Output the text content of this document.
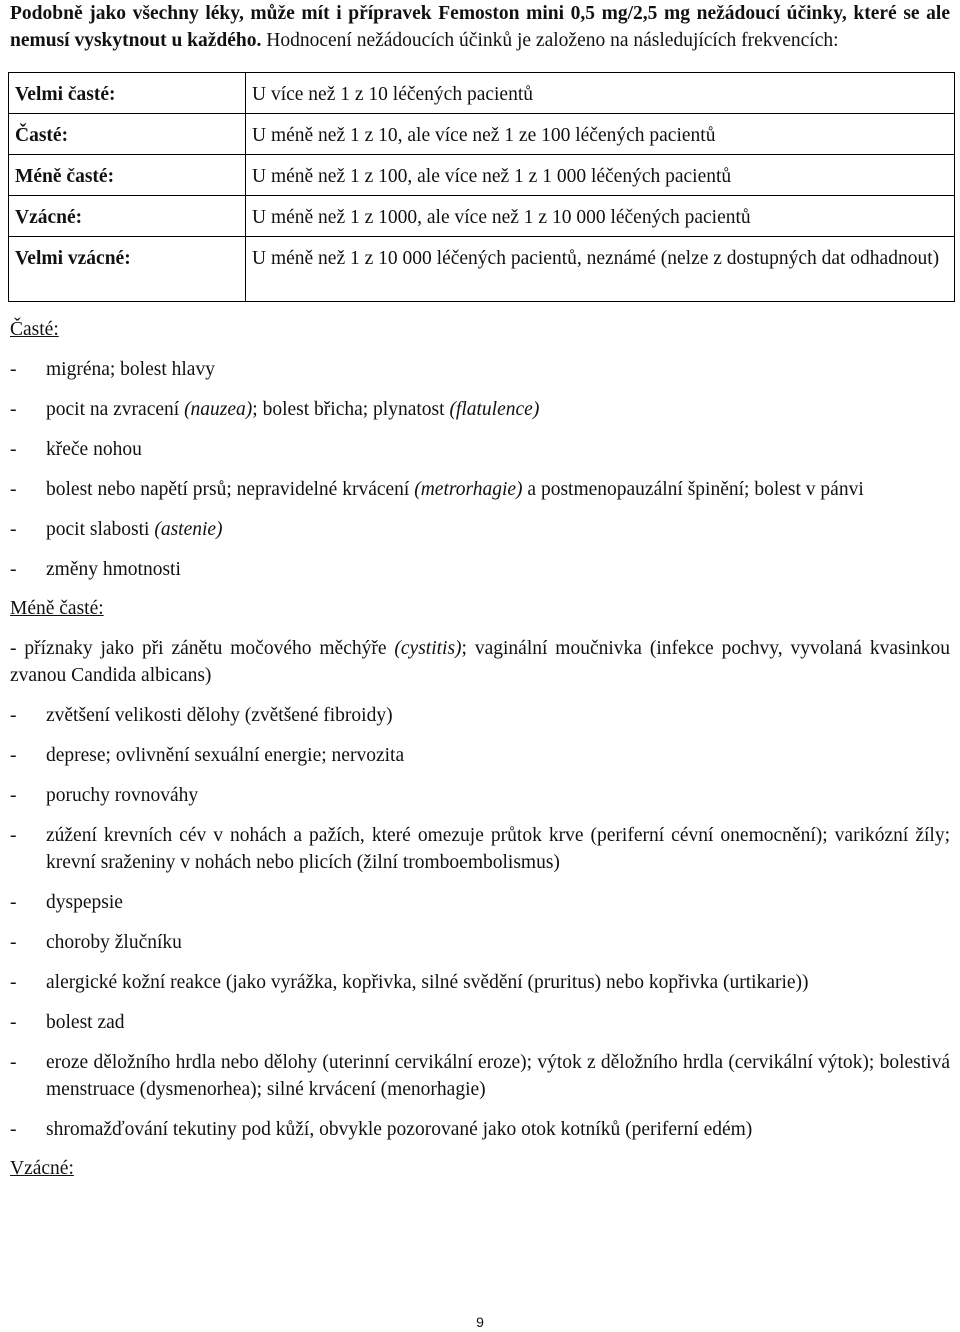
Podobně jako všechny léky, může mít i přípravek Femoston mini 0,5 mg/2,5 mg nežádoucí účinky, které se ale nemusí vyskytnout u každého. Hodnocení nežádoucích účinků je založeno na následujících frekvencích:

Velmi časté:	U více než 1 z 10 léčených pacientů
Časté:	U méně než 1 z 10, ale více než 1 ze 100 léčených pacientů
Méně časté:	U méně než 1 z 100, ale více než 1 z 1 000 léčených pacientů
Vzácné:	U méně než 1 z 1000, ale více než 1 z 10 000 léčených pacientů
Velmi vzácné:	U méně než 1 z 10 000 léčených pacientů, neznámé (nelze z dostupných dat odhadnout)
Časté:
-	migréna; bolest hlavy
-	pocit na zvracení (nauzea); bolest břicha; plynatost (flatulence)
-	křeče nohou
-	bolest nebo napětí prsů; nepravidelné krvácení (metrorhagie) a postmenopauzální špinění; bolest v pánvi
-	pocit slabosti (astenie)
-	změny hmotnosti
Méně časté:
- příznaky jako při zánětu močového měchýře (cystitis); vaginální moučnivka (infekce pochvy, vyvolaná kvasinkou zvanou Candida albicans)
-	zvětšení velikosti dělohy (zvětšené fibroidy)
-	deprese; ovlivnění sexuální energie; nervozita
-	poruchy rovnováhy
-	zúžení krevních cév v nohách a pažích, které omezuje průtok krve (periferní cévní onemocnění); varikózní žíly; krevní sraženiny v nohách nebo plicích (žilní tromboembolismus)
-	dyspepsie
-	choroby žlučníku
-	alergické kožní reakce (jako vyrážka, kopřivka, silné svědění (pruritus) nebo kopřivka (urtikarie))
-	bolest zad
-	eroze děložního hrdla nebo dělohy (uterinní cervikální eroze); výtok z děložního hrdla (cervikální výtok); bolestivá menstruace (dysmenorhea); silné krvácení (menorhagie)
-	shromažďování tekutiny pod kůží, obvykle pozorované jako otok kotníků (periferní edém)
Vzácné:
9
